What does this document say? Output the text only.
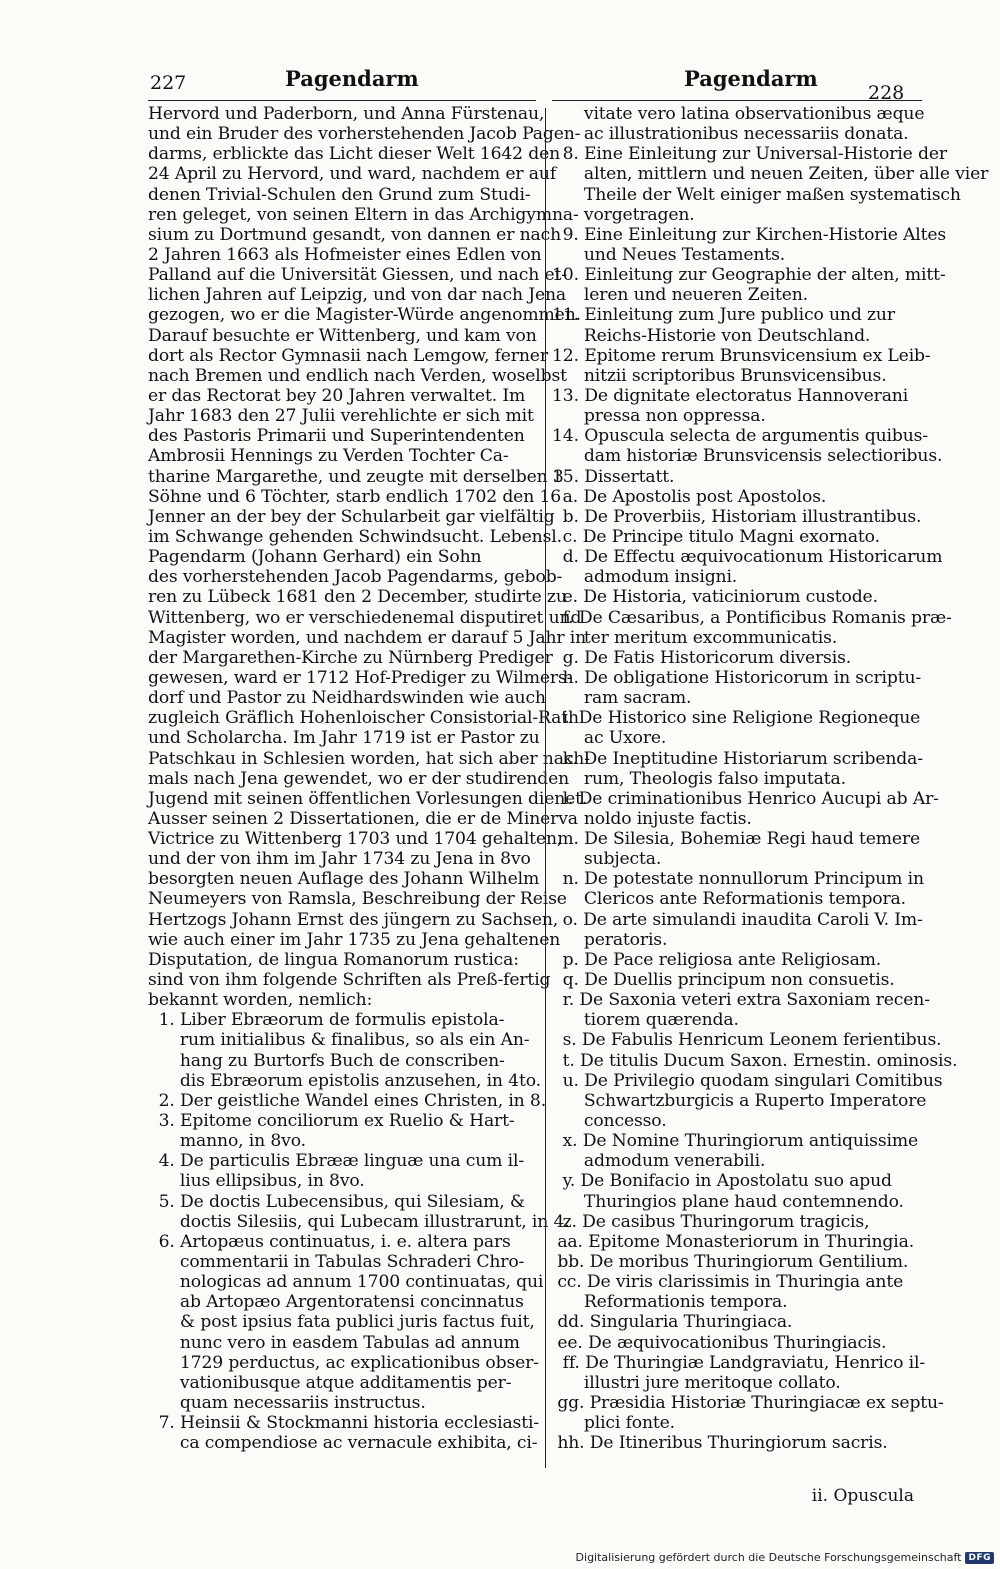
227	Pagendarm	Pagendarm
228
Hervord und Paderborn, und Anna Fürstenau,
und ein Bruder des vorherstehenden Jacob Pagen-
darms, erblickte das Licht dieser Welt 1642 den
24 April zu Hervord, und ward, nachdem er auf
denen Trivial-Schulen den Grund zum Studi-
ren geleget, von seinen Eltern in das Archigymna-
sium zu Dortmund gesandt, von dannen er nach
2 Jahren 1663 als Hofmeister eines Edlen von
Palland auf die Universität Giessen, und nach et-
lichen Jahren auf Leipzig, und von dar nach Jena
gezogen, wo er die Magister-Würde angenommen.
Darauf besuchte er Wittenberg, und kam von
dort als Rector Gymnasii nach Lemgow, ferner
nach Bremen und endlich nach Verden, woselbst
er das Rectorat bey 20 Jahren verwaltet. Im
Jahr 1683 den 27 Julii verehlichte er sich mit
des Pastoris Primarii und Superintendenten
Ambrosii Hennings zu Verden Tochter Ca-
tharine Margarethe, und zeugte mit derselben 3
Söhne und 6 Töchter, starb endlich 1702 den 16
Jenner an der bey der Schularbeit gar vielfältig
im Schwange gehenden Schwindsucht. Lebensl.
Pagendarm (Johann Gerhard) ein Sohn
des vorherstehenden Jacob Pagendarms, gebob-
ren zu Lübeck 1681 den 2 December, studirte zu
Wittenberg, wo er verschiedenemal disputiret und
Magister worden, und nachdem er darauf 5 Jahr in
der Margarethen-Kirche zu Nürnberg Prediger
gewesen, ward er 1712 Hof-Prediger zu Wilmers-
dorf und Pastor zu Neidhardswinden wie auch
zugleich Gräflich Hohenloischer Consistorial-Rath
und Scholarcha. Im Jahr 1719 ist er Pastor zu
Patschkau in Schlesien worden, hat sich aber nach-
mals nach Jena gewendet, wo er der studirenden
Jugend mit seinen öffentlichen Vorlesungen dienet.
Ausser seinen 2 Dissertationen, die er de Minerva
Victrice zu Wittenberg 1703 und 1704 gehalten,
und der von ihm im Jahr 1734 zu Jena in 8vo
besorgten neuen Auflage des Johann Wilhelm
Neumeyers von Ramsla, Beschreibung der Reise
Hertzogs Johann Ernst des jüngern zu Sachsen,
wie auch einer im Jahr 1735 zu Jena gehaltenen
Disputation, de lingua Romanorum rustica:
sind von ihm folgende Schriften als Preß-fertig
bekannt worden, nemlich:
1. Liber Ebræorum de formulis epistola-
rum initialibus & finalibus, so als ein An-
hang zu Burtorfs Buch de conscriben-
dis Ebræorum epistolis anzusehen, in 4to.
2. Der geistliche Wandel eines Christen, in 8.
3. Epitome conciliorum ex Ruelio & Hart-
manno, in 8vo.
4. De particulis Ebrææ linguæ una cum il-
lius ellipsibus, in 8vo.
5. De doctis Lubecensibus, qui Silesiam, &
doctis Silesiis, qui Lubecam illustrarunt, in 4.
6. Artopæus continuatus, i. e. altera pars
commentarii in Tabulas Schraderi Chro-
nologicas ad annum 1700 continuatas, qui
ab Artopæo Argentoratensi concinnatus
& post ipsius fata publici juris factus fuit,
nunc vero in easdem Tabulas ad annum
1729 perductus, ac explicationibus obser-
vationibusque atque additamentis per-
quam necessariis instructus.
7. Heinsii & Stockmanni historia ecclesiasti-
ca compendiose ac vernacule exhibita, ci-
vitate vero latina observationibus æque
ac illustrationibus necessariis donata.
8. Eine Einleitung zur Universal-Historie der
alten, mittlern und neuen Zeiten, über alle vier
Theile der Welt einiger maßen systematisch
vorgetragen.
9. Eine Einleitung zur Kirchen-Historie Altes
und Neues Testaments.
10. Einleitung zur Geographie der alten, mitt-
leren und neueren Zeiten.
11. Einleitung zum Jure publico und zur
Reichs-Historie von Deutschland.
12. Epitome rerum Brunsvicensium ex Leib-
nitzii scriptoribus Brunsvicensibus.
13. De dignitate electoratus Hannoverani
pressa non oppressa.
14. Opuscula selecta de argumentis quibus-
dam historiæ Brunsvicensis selectioribus.
15. Dissertatt.
a. De Apostolis post Apostolos.
b. De Proverbiis, Historiam illustrantibus.
c. De Principe titulo Magni exornato.
d. De Effectu æquivocationum Historicarum
admodum insigni.
e. De Historia, vaticiniorum custode.
f. De Cæsaribus, a Pontificibus Romanis præ-
ter meritum excommunicatis.
g. De Fatis Historicorum diversis.
h. De obligatione Historicorum in scriptu-
ram sacram.
i. De Historico sine Religione Regioneque
ac Uxore.
k. De Ineptitudine Historiarum scribenda-
rum, Theologis falso imputata.
l. De criminationibus Henrico Aucupi ab Ar-
noldo injuste factis.
m. De Silesia, Bohemiæ Regi haud temere
subjecta.
n. De potestate nonnullorum Principum in
Clericos ante Reformationis tempora.
o. De arte simulandi inaudita Caroli V. Im-
peratoris.
p. De Pace religiosa ante Religiosam.
q. De Duellis principum non consuetis.
r. De Saxonia veteri extra Saxoniam recen-
tiorem quærenda.
s. De Fabulis Henricum Leonem ferientibus.
t. De titulis Ducum Saxon. Ernestin. ominosis.
u. De Privilegio quodam singulari Comitibus
Schwartzburgicis a Ruperto Imperatore
concesso.
x. De Nomine Thuringiorum antiquissime
admodum venerabili.
y. De Bonifacio in Apostolatu suo apud
Thuringios plane haud contemnendo.
z. De casibus Thuringorum tragicis,
aa. Epitome Monasteriorum in Thuringia.
bb. De moribus Thuringiorum Gentilium.
cc. De viris clarissimis in Thuringia ante
Reformationis tempora.
dd. Singularia Thuringiaca.
ee. De æquivocationibus Thuringiacis.
ff. De Thuringiæ Landgraviatu, Henrico il-
illustri jure meritoque collato.
gg. Præsidia Historiæ Thuringiacæ ex septu-
plici fonte.
hh. De Itineribus Thuringiorum sacris.
ii. Opuscula
Digitalisierung gefördert durch die Deutsche Forschungsgemeinschaft DFG
